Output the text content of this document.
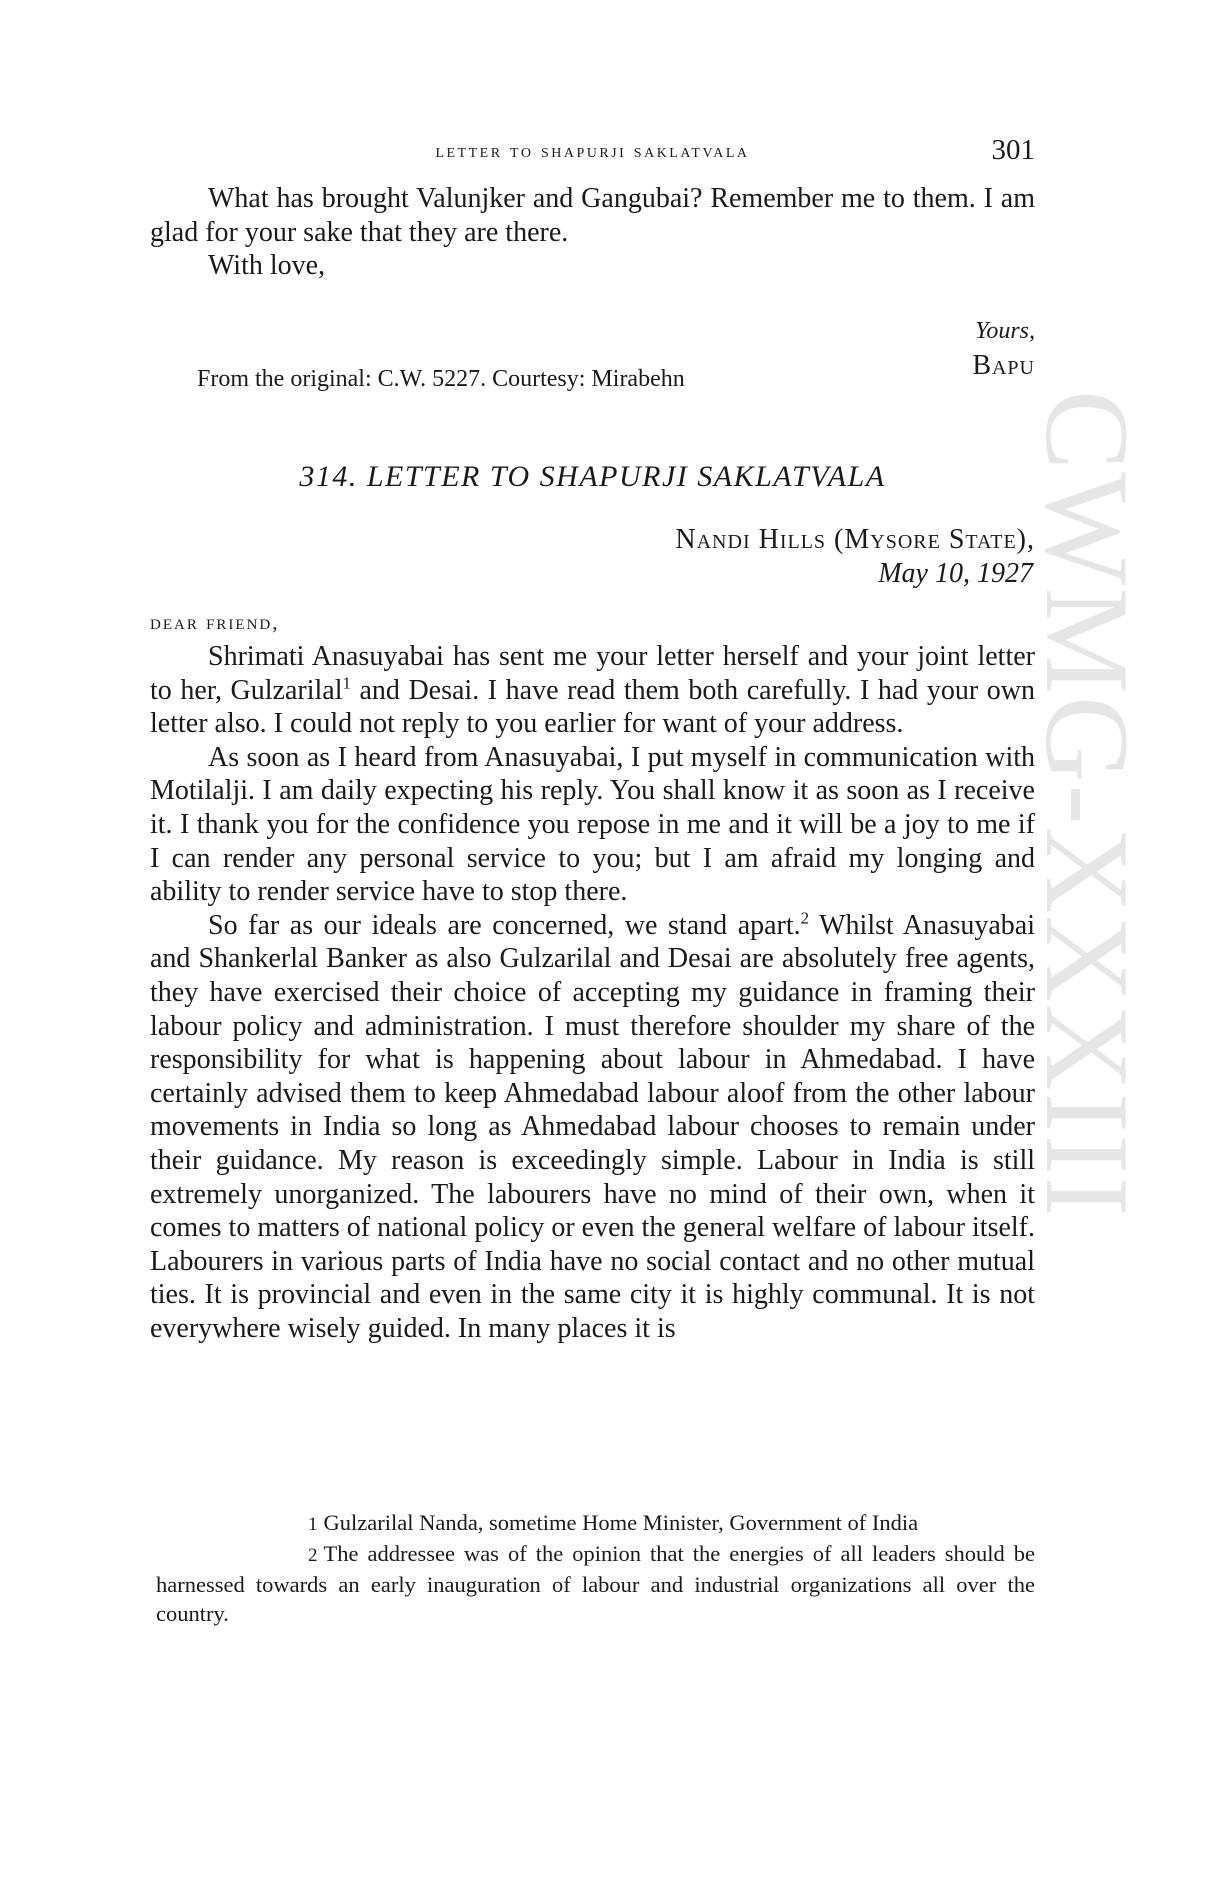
CWMG-XXXIII
letter to shapurji saklatvala	301

What has brought Valunjker and Gangubai? Remember me to them. I am glad for your sake that they are there.

With love,

Yours,
Bapu
From the original: C.W. 5227. Courtesy: Mirabehn
314. LETTER TO SHAPURJI SAKLATVALA
Nandi Hills (Mysore State),
May 10, 1927
dear friend,

Shrimati Anasuyabai has sent me your letter herself and your joint letter to her, Gulzarilal$^1$ and Desai. I have read them both carefully. I had your own letter also. I could not reply to you earlier for want of your address.

As soon as I heard from Anasuyabai, I put myself in communication with Motilalji. I am daily expecting his reply. You shall know it as soon as I receive it. I thank you for the confidence you repose in me and it will be a joy to me if I can render any personal service to you; but I am afraid my longing and ability to render service have to stop there.

So far as our ideals are concerned, we stand apart.$^2$ Whilst Anasuyabai and Shankerlal Banker as also Gulzarilal and Desai are absolutely free agents, they have exercised their choice of accepting my guidance in framing their labour policy and administration. I must therefore shoulder my share of the responsibility for what is happening about labour in Ahmedabad. I have certainly advised them to keep Ahmedabad labour aloof from the other labour movements in India so long as Ahmedabad labour chooses to remain under their guidance. My reason is exceedingly simple. Labour in India is still extremely unorganized. The labourers have no mind of their own, when it comes to matters of national policy or even the general welfare of labour itself. Labourers in various parts of India have no social contact and no other mutual ties. It is provincial and even in the same city it is highly communal. It is not everywhere wisely guided. In many places it is

1 Gulzarilal Nanda, sometime Home Minister, Government of India

2 The addressee was of the opinion that the energies of all leaders should be harnessed towards an early inauguration of labour and industrial organizations all over the country.
